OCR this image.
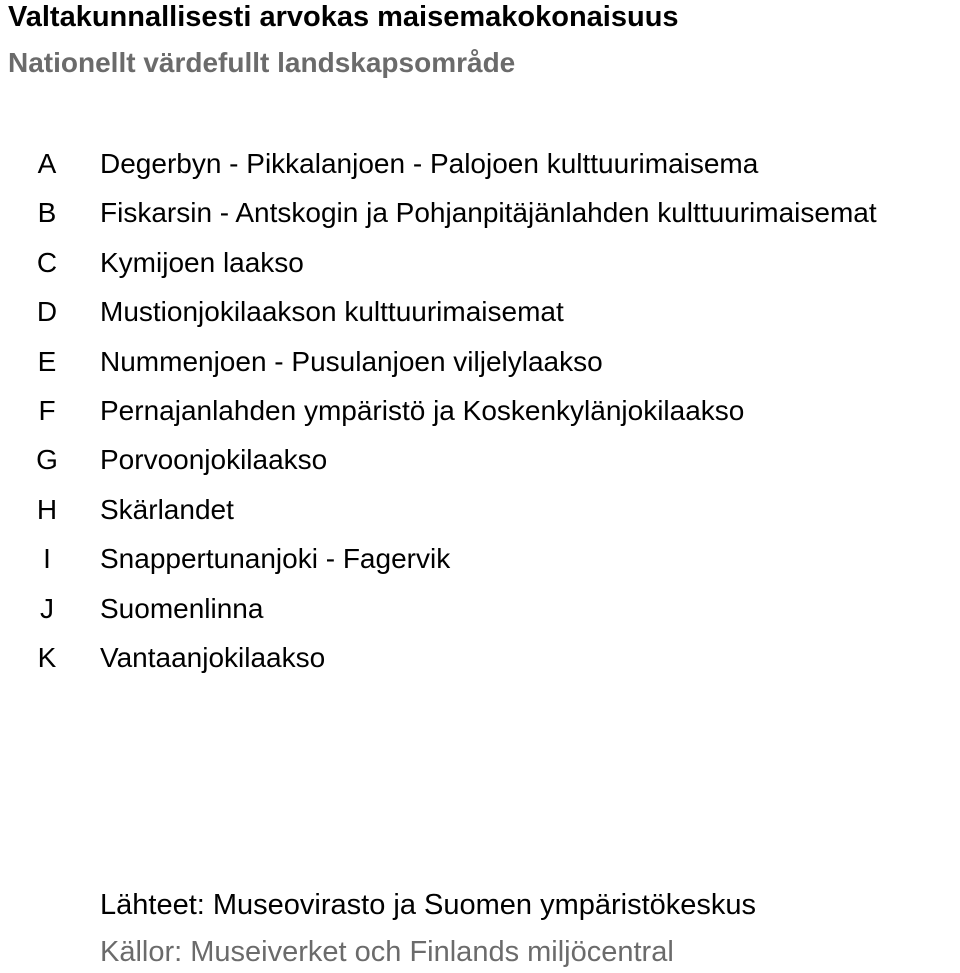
Valtakunnallisesti arvokas maisemakokonaisuus
Nationellt värdefullt landskapsområde
A	Degerbyn - Pikkalanjoen - Palojoen kulttuurimaisema
B	Fiskarsin - Antskogin ja Pohjanpitäjänlahden kulttuurimaisemat
C	Kymijoen laakso
D	Mustionjokilaakson kulttuurimaisemat
E	Nummenjoen - Pusulanjoen viljelylaakso
F	Pernajanlahden ympäristö ja Koskenkylänjokilaakso
G	Porvoonjokilaakso
H	Skärlandet
I	Snappertunanjoki - Fagervik
J	Suomenlinna
K	Vantaanjokilaakso
Lähteet: Museovirasto ja Suomen ympäristökeskus
Källor: Museiverket och Finlands miljöcentral
